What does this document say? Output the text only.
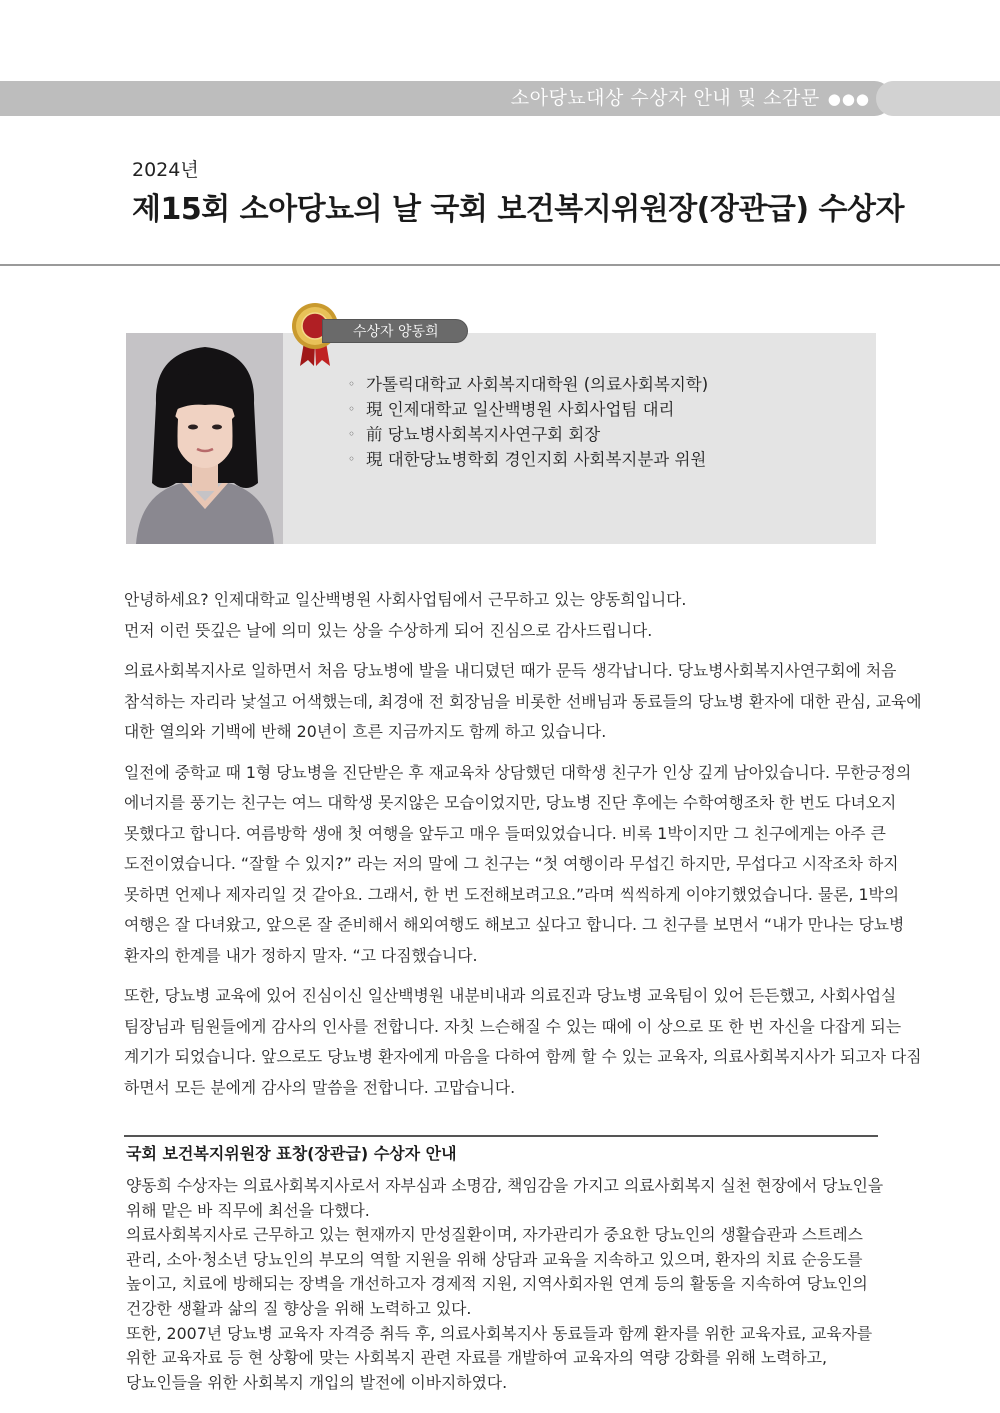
소아당뇨대상 수상자 안내 및 소감문 ●●●
2024년
제15회 소아당뇨의 날 국회 보건복지위원장(장관급) 수상자
수상자 양동희
◦ 가톨릭대학교 사회복지대학원 (의료사회복지학)
◦ 現 인제대학교 일산백병원 사회사업팀 대리
◦ 前 당뇨병사회복지사연구회 회장
◦ 現 대한당뇨병학회 경인지회 사회복지분과 위원

안녕하세요? 인제대학교 일산백병원 사회사업팀에서 근무하고 있는 양동희입니다.
먼저 이런 뜻깊은 날에 의미 있는 상을 수상하게 되어 진심으로 감사드립니다.

의료사회복지사로 일하면서 처음 당뇨병에 발을 내디뎠던 때가 문득 생각납니다. 당뇨병사회복지사연구회에 처음
참석하는 자리라 낯설고 어색했는데, 최경애 전 회장님을 비롯한 선배님과 동료들의 당뇨병 환자에 대한 관심, 교육에
대한 열의와 기백에 반해 20년이 흐른 지금까지도 함께 하고 있습니다.

일전에 중학교 때 1형 당뇨병을 진단받은 후 재교육차 상담했던 대학생 친구가 인상 깊게 남아있습니다. 무한긍정의
에너지를 풍기는 친구는 여느 대학생 못지않은 모습이었지만, 당뇨병 진단 후에는 수학여행조차 한 번도 다녀오지
못했다고 합니다. 여름방학 생애 첫 여행을 앞두고 매우 들떠있었습니다. 비록 1박이지만 그 친구에게는 아주 큰
도전이였습니다. “잘할 수 있지?” 라는 저의 말에 그 친구는 “첫 여행이라 무섭긴 하지만, 무섭다고 시작조차 하지
못하면 언제나 제자리일 것 같아요. 그래서, 한 번 도전해보려고요.”라며 씩씩하게 이야기했었습니다. 물론, 1박의
여행은 잘 다녀왔고, 앞으론 잘 준비해서 해외여행도 해보고 싶다고 합니다. 그 친구를 보면서 “내가 만나는 당뇨병
환자의 한계를 내가 정하지 말자. “고 다짐했습니다.

또한, 당뇨병 교육에 있어 진심이신 일산백병원 내분비내과 의료진과 당뇨병 교육팀이 있어 든든했고, 사회사업실
팀장님과 팀원들에게 감사의 인사를 전합니다. 자칫 느슨해질 수 있는 때에 이 상으로 또 한 번 자신을 다잡게 되는
계기가 되었습니다. 앞으로도 당뇨병 환자에게 마음을 다하여 함께 할 수 있는 교육자, 의료사회복지사가 되고자 다짐
하면서 모든 분에게 감사의 말씀을 전합니다. 고맙습니다.

국회 보건복지위원장 표창(장관급) 수상자 안내
양동희 수상자는 의료사회복지사로서 자부심과 소명감, 책임감을 가지고 의료사회복지 실천 현장에서 당뇨인을
위해 맡은 바 직무에 최선을 다했다.
의료사회복지사로 근무하고 있는 현재까지 만성질환이며, 자가관리가 중요한 당뇨인의 생활습관과 스트레스
관리, 소아·청소년 당뇨인의 부모의 역할 지원을 위해 상담과 교육을 지속하고 있으며, 환자의 치료 순응도를
높이고, 치료에 방해되는 장벽을 개선하고자 경제적 지원, 지역사회자원 연계 등의 활동을 지속하여 당뇨인의
건강한 생활과 삶의 질 향상을 위해 노력하고 있다.
또한, 2007년 당뇨병 교육자 자격증 취득 후, 의료사회복지사 동료들과 함께 환자를 위한 교육자료, 교육자를
위한 교육자료 등 현 상황에 맞는 사회복지 관련 자료를 개발하여 교육자의 역량 강화를 위해 노력하고,
당뇨인들을 위한 사회복지 개입의 발전에 이바지하였다.
